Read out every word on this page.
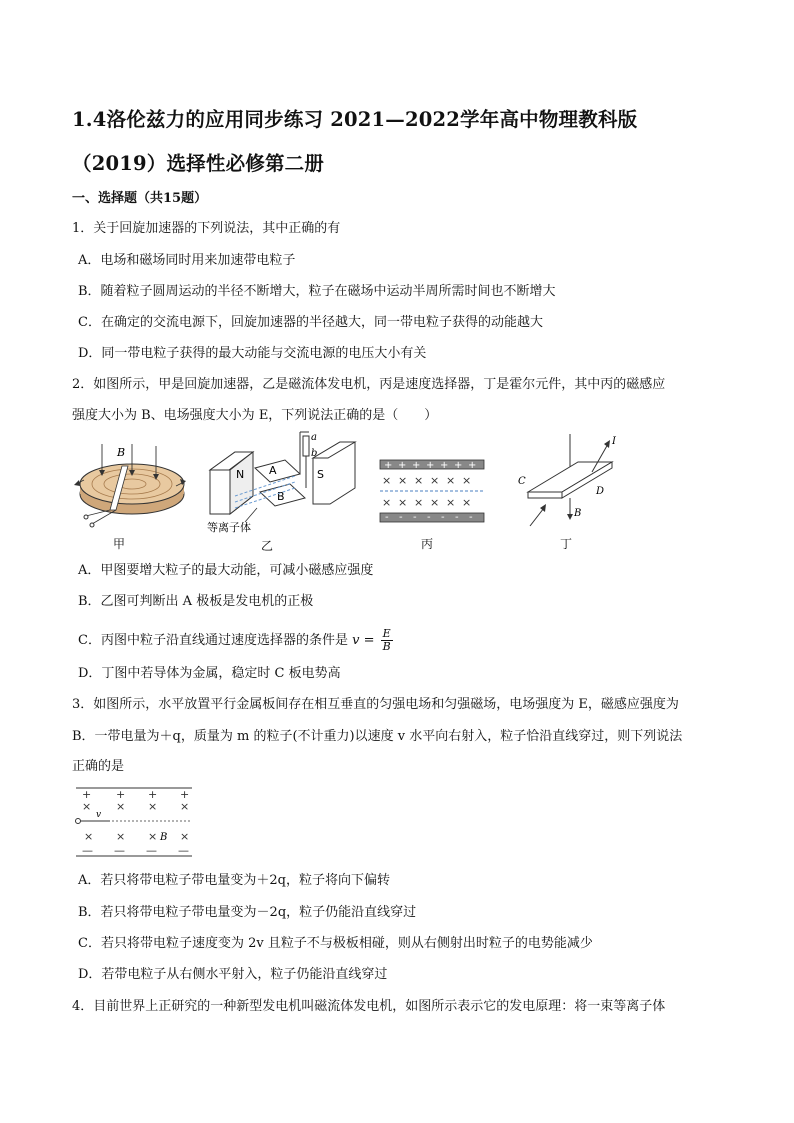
1.4洛伦兹力的应用同步练习 2021—2022学年高中物理教科版
（2019）选择性必修第二册
一、选择题（共15题）
1．关于回旋加速器的下列说法，其中正确的有
A．电场和磁场同时用来加速带电粒子
B．随着粒子圆周运动的半径不断增大，粒子在磁场中运动半周所需时间也不断增大
C．在确定的交流电源下，回旋加速器的半径越大，同一带电粒子获得的动能越大
D．同一带电粒子获得的最大动能与交流电源的电压大小有关
2．如图所示，甲是回旋加速器，乙是磁流体发电机，丙是速度选择器，丁是霍尔元件，其中丙的磁感应
强度大小为 B、电场强度大小为 E，下列说法正确的是（　　）
B
甲
N A
B
S
a
b
等离子体
乙
+ + + + + + +
- - - - - - -
× × × × × ×
× × × × × ×
丙
I
C
D
B
丁
A．甲图要增大粒子的最大动能，可减小磁感应强度
B．乙图可判断出 A 极板是发电机的正极
C．丙图中粒子沿直线通过速度选择器的条件是 $v = \frac{E}{B}$
D．丁图中若导体为金属，稳定时 C 板电势高
3．如图所示，水平放置平行金属板间存在相互垂直的匀强电场和匀强磁场，电场强度为 E，磁感应强度为
B．一带电量为＋q，质量为 m 的粒子(不计重力)以速度 v 水平向右射入，粒子恰沿直线穿过，则下列说法
正确的是
+ + + +
× × × ×
× × × ×
— — — —
v
B
A．若只将带电粒子带电量变为＋2q，粒子将向下偏转
B．若只将带电粒子带电量变为－2q，粒子仍能沿直线穿过
C．若只将带电粒子速度变为 2v 且粒子不与极板相碰，则从右侧射出时粒子的电势能减少
D．若带电粒子从右侧水平射入，粒子仍能沿直线穿过
4．目前世界上正研究的一种新型发电机叫磁流体发电机，如图所示表示它的发电原理：将一束等离子体
